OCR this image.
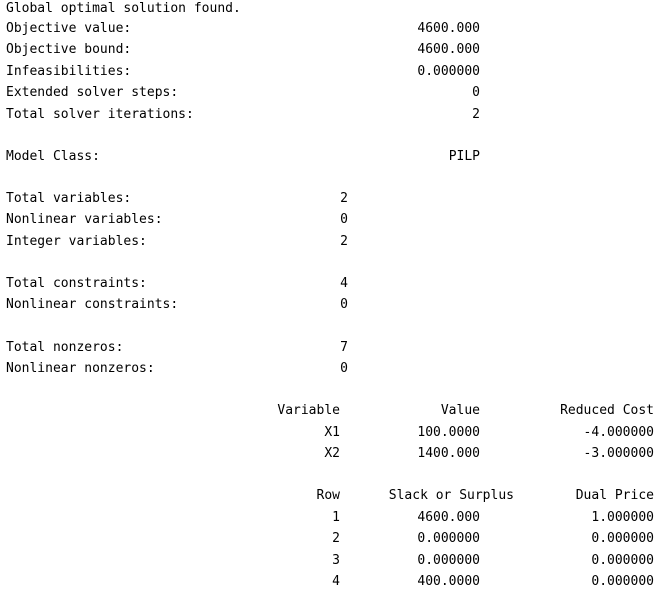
Global optimal solution found.
Objective value:	4600.000
Objective bound:	4600.000
Infeasibilities:	0.000000
Extended solver steps:	0
Total solver iterations:	2
Model Class:	PILP
Total variables:	2
Nonlinear variables:	0
Integer variables:	2
Total constraints:	4
Nonlinear constraints:	0
Total nonzeros:	7
Nonlinear nonzeros:	0
Variable	Value	Reduced Cost
X1	100.0000	-4.000000
X2	1400.000	-3.000000
Row	Slack or Surplus	Dual Price
1	4600.000	1.000000
2	0.000000	0.000000
3	0.000000	0.000000
4	400.0000	0.000000
